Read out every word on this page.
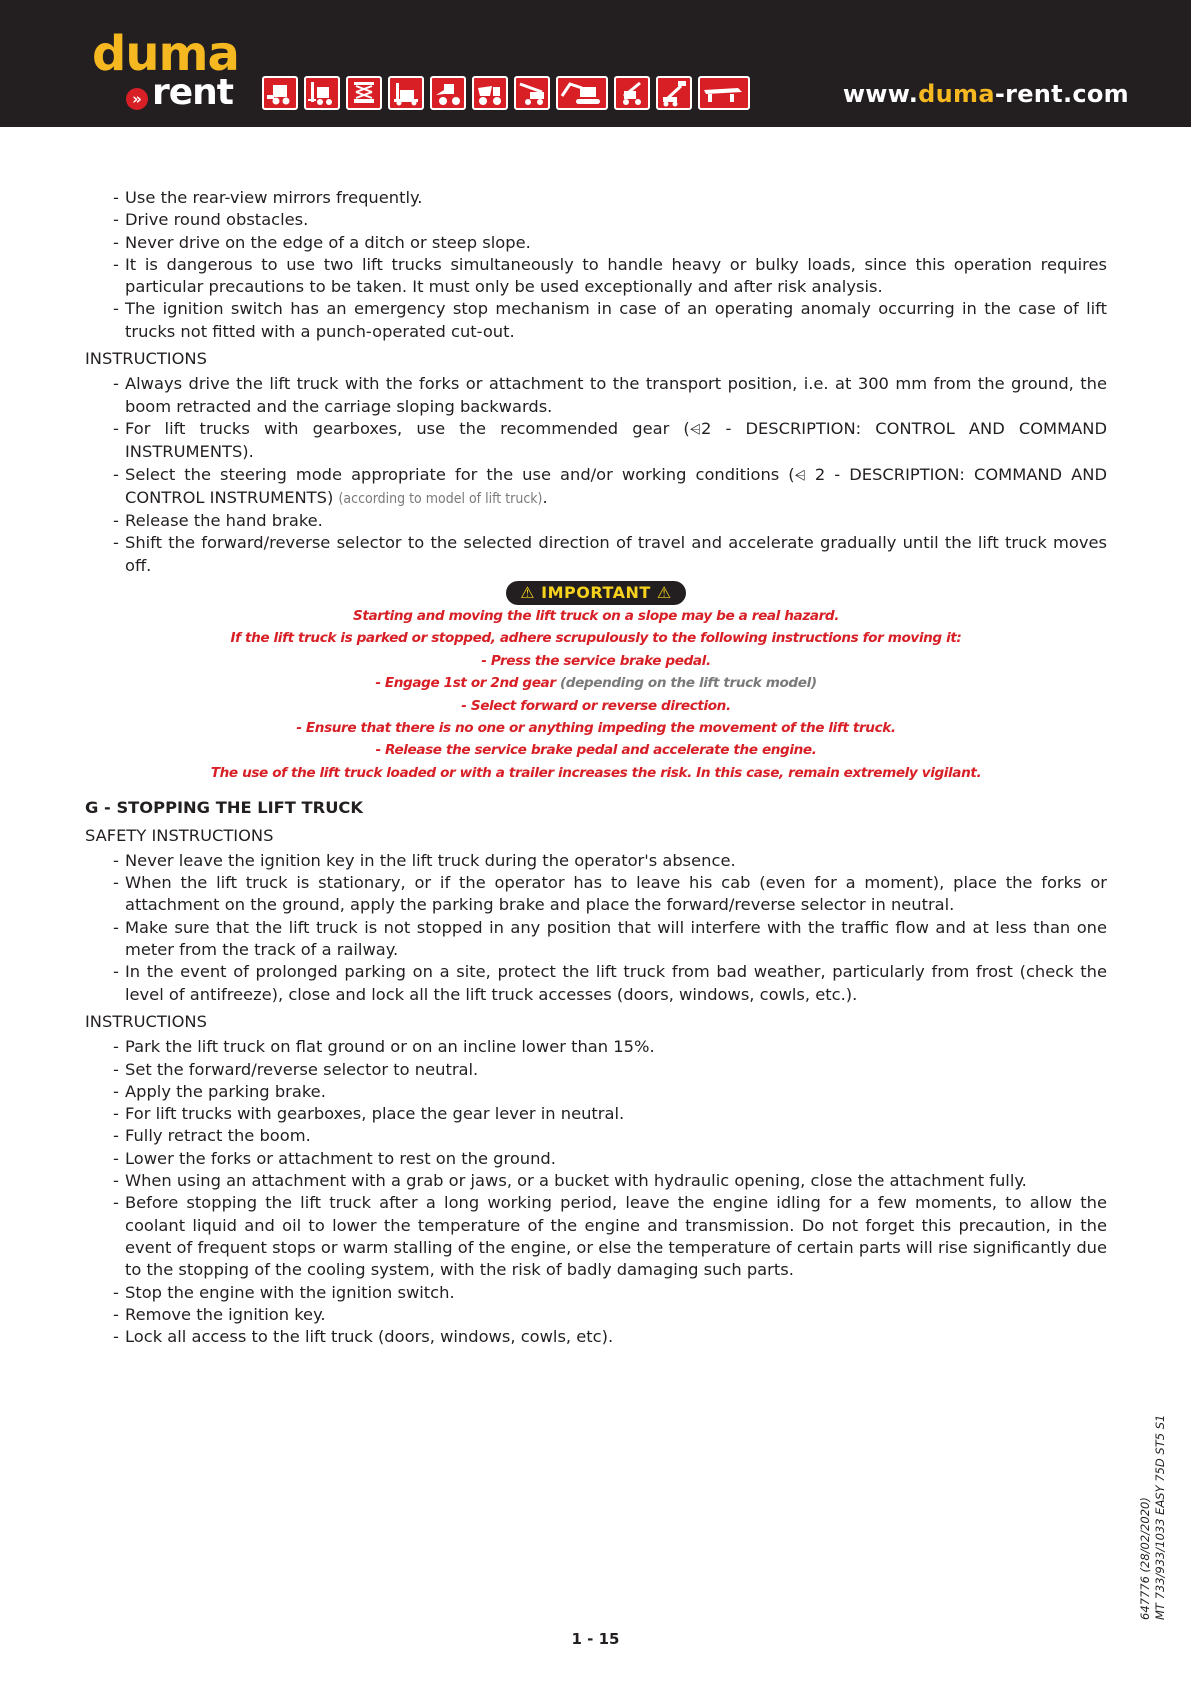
duma
» rent	www.duma-rent.com
- Use the rear-view mirrors frequently.
- Drive round obstacles.
- Never drive on the edge of a ditch or steep slope.
- It is dangerous to use two lift trucks simultaneously to handle heavy or bulky loads, since this operation requires particular precautions to be taken. It must only be used exceptionally and after risk analysis.
- The ignition switch has an emergency stop mechanism in case of an operating anomaly occurring in the case of lift trucks not fitted with a punch-operated cut-out.
INSTRUCTIONS
- Always drive the lift truck with the forks or attachment to the transport position, i.e. at 300 mm from the ground, the boom retracted and the carriage sloping backwards.
- For lift trucks with gearboxes, use the recommended gear (⩤2 - DESCRIPTION: CONTROL AND COMMAND INSTRUMENTS).
- Select the steering mode appropriate for the use and/or working conditions (⩤ 2 - DESCRIPTION: COMMAND AND CONTROL INSTRUMENTS) (according to model of lift truck).
- Release the hand brake.
- Shift the forward/reverse selector to the selected direction of travel and accelerate gradually until the lift truck moves off.
⚠ IMPORTANT ⚠
Starting and moving the lift truck on a slope may be a real hazard.
If the lift truck is parked or stopped, adhere scrupulously to the following instructions for moving it:
- Press the service brake pedal.
- Engage 1st or 2nd gear (depending on the lift truck model)
- Select forward or reverse direction.
- Ensure that there is no one or anything impeding the movement of the lift truck.
- Release the service brake pedal and accelerate the engine.
The use of the lift truck loaded or with a trailer increases the risk. In this case, remain extremely vigilant.
G - STOPPING THE LIFT TRUCK
SAFETY INSTRUCTIONS
- Never leave the ignition key in the lift truck during the operator's absence.
- When the lift truck is stationary, or if the operator has to leave his cab (even for a moment), place the forks or attachment on the ground, apply the parking brake and place the forward/reverse selector in neutral.
- Make sure that the lift truck is not stopped in any position that will interfere with the traffic flow and at less than one meter from the track of a railway.
- In the event of prolonged parking on a site, protect the lift truck from bad weather, particularly from frost (check the level of antifreeze), close and lock all the lift truck accesses (doors, windows, cowls, etc.).
INSTRUCTIONS
- Park the lift truck on flat ground or on an incline lower than 15%.
- Set the forward/reverse selector to neutral.
- Apply the parking brake.
- For lift trucks with gearboxes, place the gear lever in neutral.
- Fully retract the boom.
- Lower the forks or attachment to rest on the ground.
- When using an attachment with a grab or jaws, or a bucket with hydraulic opening, close the attachment fully.
- Before stopping the lift truck after a long working period, leave the engine idling for a few moments, to allow the coolant liquid and oil to lower the temperature of the engine and transmission. Do not forget this precaution, in the event of frequent stops or warm stalling of the engine, or else the temperature of certain parts will rise significantly due to the stopping of the cooling system, with the risk of badly damaging such parts.
- Stop the engine with the ignition switch.
- Remove the ignition key.
- Lock all access to the lift truck (doors, windows, cowls, etc).
647776 (28/02/2020) MT 733/933/1033 EASY 75D ST5 S1
1 - 15
